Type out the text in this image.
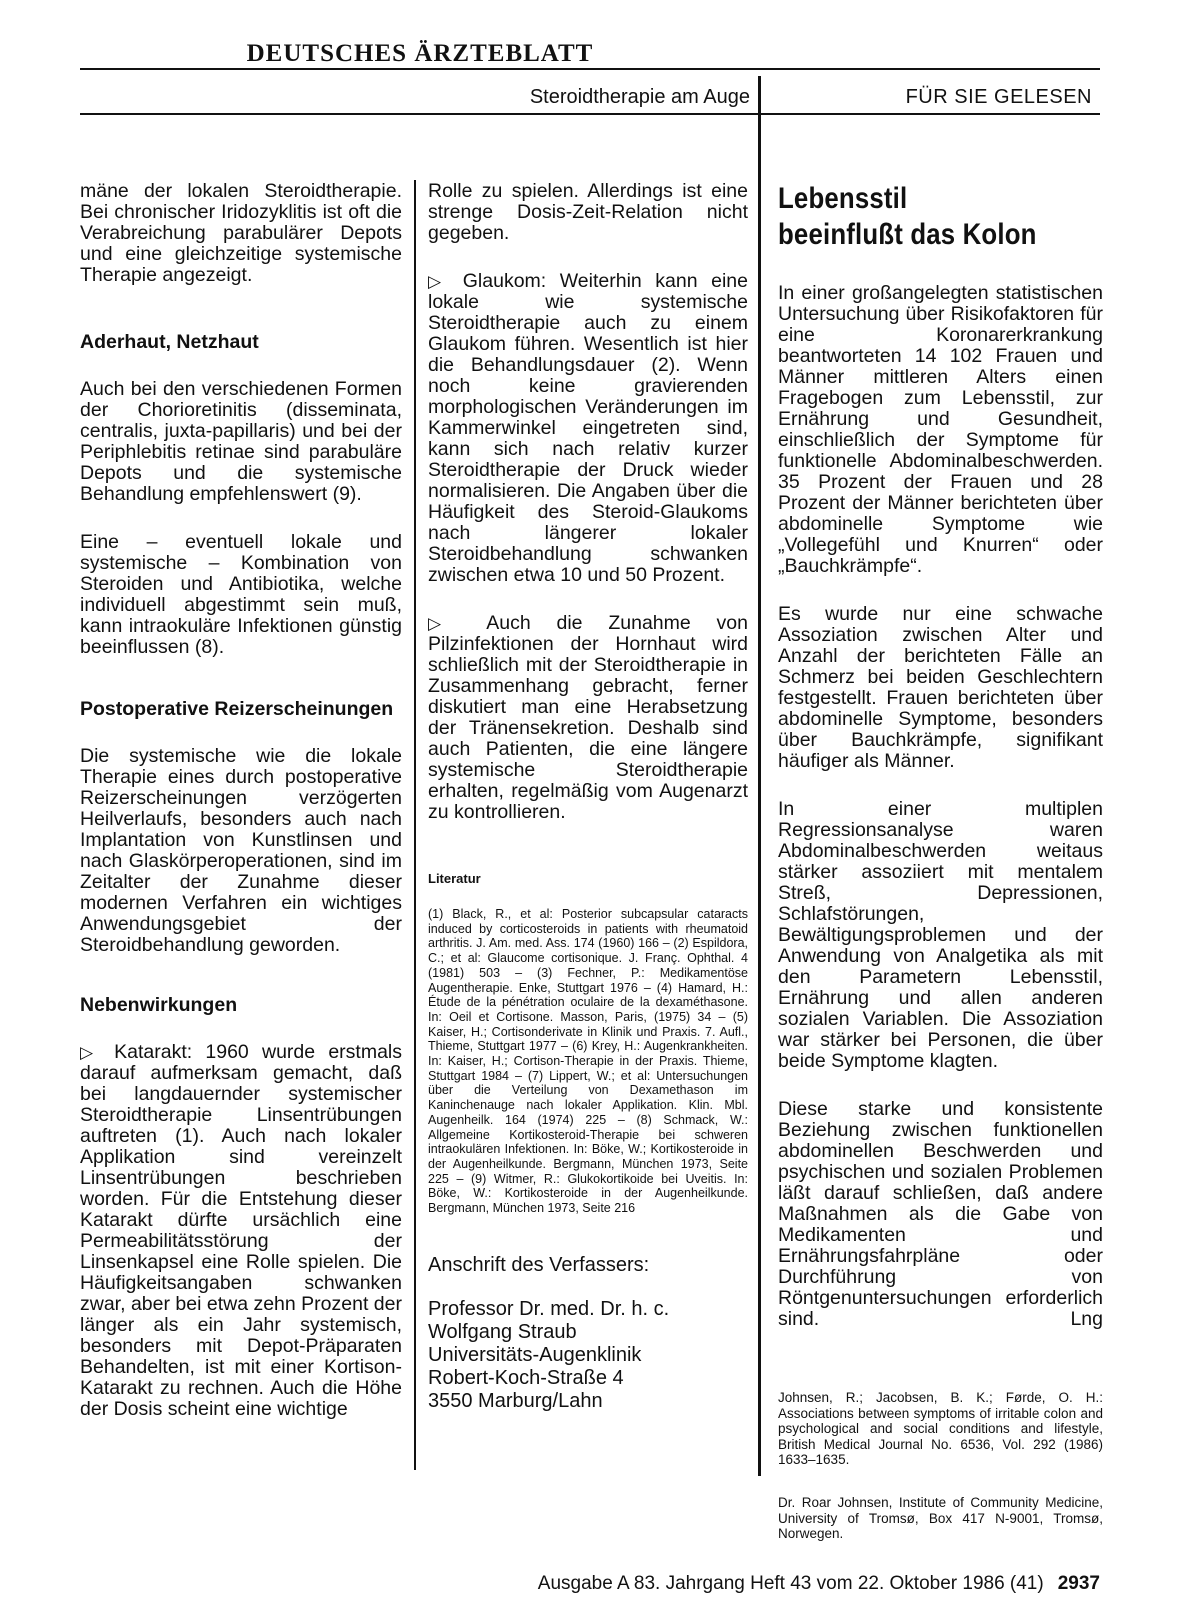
DEUTSCHES ÄRZTEBLATT
Steroidtherapie am Auge	FÜR SIE GELESEN

mäne der lokalen Steroidtherapie. Bei chronischer Iridozyklitis ist oft die Verabreichung parabulärer Depots und eine gleichzeitige systemische Therapie angezeigt.

Aderhaut, Netzhaut

Auch bei den verschiedenen Formen der Chorioretinitis (disseminata, centralis, juxta-papillaris) und bei der Periphlebitis retinae sind parabuläre Depots und die systemische Behandlung empfehlenswert (9).

Eine – eventuell lokale und systemische – Kombination von Steroiden und Antibiotika, welche individuell abgestimmt sein muß, kann intraokuläre Infektionen günstig beeinflussen (8).

Postoperative Reizerscheinungen

Die systemische wie die lokale Therapie eines durch postoperative Reizerscheinungen verzögerten Heilverlaufs, besonders auch nach Implantation von Kunstlinsen und nach Glaskörperoperationen, sind im Zeitalter der Zunahme dieser modernen Verfahren ein wichtiges Anwendungsgebiet der Steroidbehandlung geworden.

Nebenwirkungen

▷ Katarakt: 1960 wurde erstmals darauf aufmerksam gemacht, daß bei langdauernder systemischer Steroidtherapie Linsentrübungen auftreten (1). Auch nach lokaler Applikation sind vereinzelt Linsentrübungen beschrieben worden. Für die Entstehung dieser Katarakt dürfte ursächlich eine Permeabilitätsstörung der Linsenkapsel eine Rolle spielen. Die Häufigkeitsangaben schwanken zwar, aber bei etwa zehn Prozent der länger als ein Jahr systemisch, besonders mit Depot-Präparaten Behandelten, ist mit einer Kortison-Katarakt zu rechnen. Auch die Höhe der Dosis scheint eine wichtige

Rolle zu spielen. Allerdings ist eine strenge Dosis-Zeit-Relation nicht gegeben.

▷ Glaukom: Weiterhin kann eine lokale wie systemische Steroidtherapie auch zu einem Glaukom führen. Wesentlich ist hier die Behandlungsdauer (2). Wenn noch keine gravierenden morphologischen Veränderungen im Kammerwinkel eingetreten sind, kann sich nach relativ kurzer Steroidtherapie der Druck wieder normalisieren. Die Angaben über die Häufigkeit des Steroid-Glaukoms nach längerer lokaler Steroidbehandlung schwanken zwischen etwa 10 und 50 Prozent.

▷ Auch die Zunahme von Pilzinfektionen der Hornhaut wird schließlich mit der Steroidtherapie in Zusammenhang gebracht, ferner diskutiert man eine Herabsetzung der Tränensekretion. Deshalb sind auch Patienten, die eine längere systemische Steroidtherapie erhalten, regelmäßig vom Augenarzt zu kontrollieren.

Literatur

(1) Black, R., et al: Posterior subcapsular cataracts induced by corticosteroids in patients with rheumatoid arthritis. J. Am. med. Ass. 174 (1960) 166 – (2) Espildora, C.; et al: Glaucome cortisonique. J. Franç. Ophthal. 4 (1981) 503 – (3) Fechner, P.: Medikamentöse Augentherapie. Enke, Stuttgart 1976 – (4) Hamard, H.: Étude de la pénétration oculaire de la dexaméthasone. In: Oeil et Cortisone. Masson, Paris, (1975) 34 – (5) Kaiser, H.; Cortisonderivate in Klinik und Praxis. 7. Aufl., Thieme, Stuttgart 1977 – (6) Krey, H.: Augenkrankheiten. In: Kaiser, H.; Cortison-Therapie in der Praxis. Thieme, Stuttgart 1984 – (7) Lippert, W.; et al: Untersuchungen über die Verteilung von Dexamethason im Kaninchenauge nach lokaler Applikation. Klin. Mbl. Augenheilk. 164 (1974) 225 – (8) Schmack, W.: Allgemeine Kortikosteroid-Therapie bei schweren intraokulären Infektionen. In: Böke, W.; Kortikosteroide in der Augenheilkunde. Bergmann, München 1973, Seite 225 – (9) Witmer, R.: Glukokortikoide bei Uveitis. In: Böke, W.: Kortikosteroide in der Augenheilkunde. Bergmann, München 1973, Seite 216

Anschrift des Verfassers:
Professor Dr. med. Dr. h. c.
Wolfgang Straub
Universitäts-Augenklinik
Robert-Koch-Straße 4
3550 Marburg/Lahn
Lebensstil
beeinflußt das Kolon

In einer großangelegten statistischen Untersuchung über Risikofaktoren für eine Koronarerkrankung beantworteten 14 102 Frauen und Männer mittleren Alters einen Fragebogen zum Lebensstil, zur Ernährung und Gesundheit, einschließlich der Symptome für funktionelle Abdominalbeschwerden. 35 Prozent der Frauen und 28 Prozent der Männer berichteten über abdominelle Symptome wie „Vollegefühl und Knurren“ oder „Bauchkrämpfe“.

Es wurde nur eine schwache Assoziation zwischen Alter und Anzahl der berichteten Fälle an Schmerz bei beiden Geschlechtern festgestellt. Frauen berichteten über abdominelle Symptome, besonders über Bauchkrämpfe, signifikant häufiger als Männer.

In einer multiplen Regressionsanalyse waren Abdominalbeschwerden weitaus stärker assoziiert mit mentalem Streß, Depressionen, Schlafstörungen, Bewältigungsproblemen und der Anwendung von Analgetika als mit den Parametern Lebensstil, Ernährung und allen anderen sozialen Variablen. Die Assoziation war stärker bei Personen, die über beide Symptome klagten.

Diese starke und konsistente Beziehung zwischen funktionellen abdominellen Beschwerden und psychischen und sozialen Problemen läßt darauf schließen, daß andere Maßnahmen als die Gabe von Medikamenten und Ernährungsfahrpläne oder Durchführung von Röntgenuntersuchungen erforderlich sind.	Lng

Johnsen, R.; Jacobsen, B. K.; Førde, O. H.: Associations between symptoms of irritable colon and psychological and social conditions and lifestyle, British Medical Journal No. 6536, Vol. 292 (1986) 1633–1635.

Dr. Roar Johnsen, Institute of Community Medicine, University of Tromsø, Box 417 N-9001, Tromsø, Norwegen.

Ausgabe A 83. Jahrgang Heft 43 vom 22. Oktober 1986 (41) 2937
